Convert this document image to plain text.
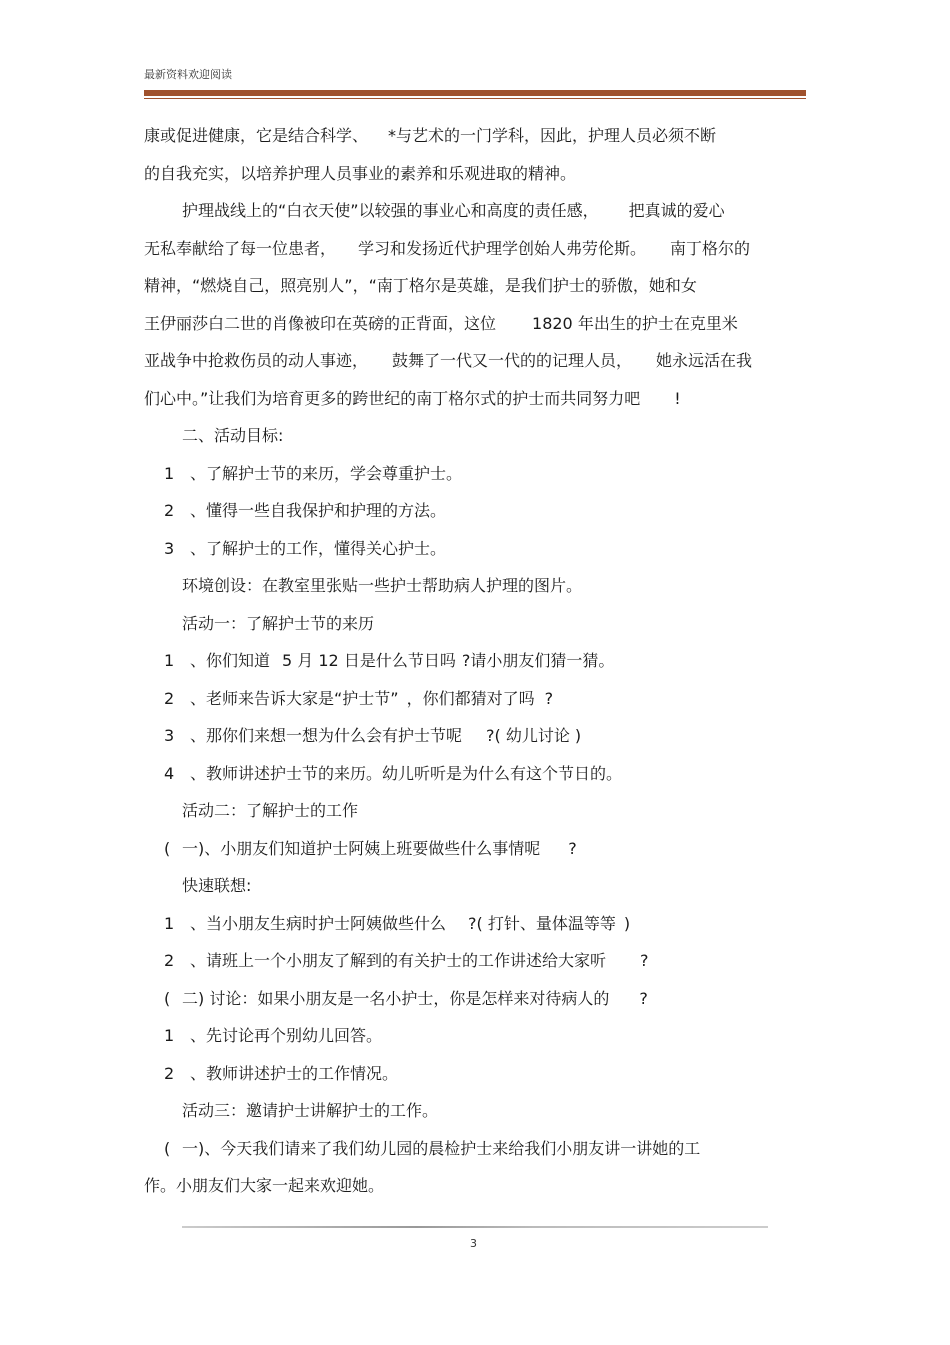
最新资料欢迎阅读
康或促进健康，它是结合科学、 *与艺术的一门学科，因此，护理人员必须不断
的自我充实，以培养护理人员事业的素养和乐观进取的精神。
护理战线上的“白衣天使”以较强的事业心和高度的责任感， 把真诚的爱心
无私奉献给了每一位患者， 学习和发扬近代护理学创始人弗劳伦斯。 南丁格尔的
精神，“燃烧自己，照亮别人”，“南丁格尔是英雄，是我们护士的骄傲，她和女
王伊丽莎白二世的肖像被印在英磅的正背面，这位 1820 年出生的护士在克里米
亚战争中抢救伤员的动人事迹， 鼓舞了一代又一代的的记理人员， 她永远活在我
们心中。”让我们为培育更多的跨世纪的南丁格尔式的护士而共同努力吧 !
二、活动目标:
1 、了解护士节的来历，学会尊重护士。
2 、懂得一些自我保护和护理的方法。
3 、了解护士的工作，懂得关心护士。
环境创设：在教室里张贴一些护士帮助病人护理的图片。
活动一：了解护士节的来历
1 、你们知道 5 月 12 日是什么节日吗 ?请小朋友们猜一猜。
2 、老师来告诉大家是“护士节” ，你们都猜对了吗 ?
3 、那你们来想一想为什么会有护士节呢 ?( 幼儿讨论 )
4 、教师讲述护士节的来历。幼儿听听是为什么有这个节日的。
活动二：了解护士的工作
( 一)、小朋友们知道护士阿姨上班要做些什么事情呢 ?
快速联想:
1 、当小朋友生病时护士阿姨做些什么 ?( 打针、量体温等等 )
2 、请班上一个小朋友了解到的有关护士的工作讲述给大家听 ?
( 二) 讨论：如果小朋友是一名小护士，你是怎样来对待病人的 ?
1 、先讨论再个别幼儿回答。
2 、教师讲述护士的工作情况。
活动三：邀请护士讲解护士的工作。
( 一)、今天我们请来了我们幼儿园的晨检护士来给我们小朋友讲一讲她的工
作。小朋友们大家一起来欢迎她。
3
